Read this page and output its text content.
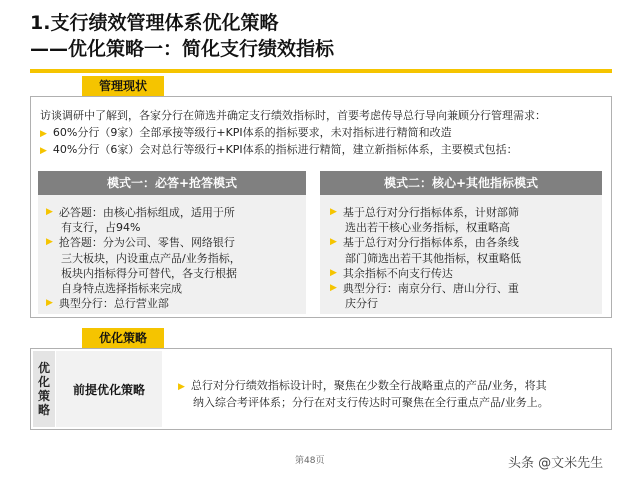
1.支行绩效管理体系优化策略
——优化策略一：简化支行绩效指标
管理现状
访谈调研中了解到，各家分行在筛选并确定支行绩效指标时，首要考虑传导总行导向兼顾分行管理需求：
▶ 60%分行（9家）全部承接等级行+KPI体系的指标要求，未对指标进行精简和改造
▶ 40%分行（6家）会对总行等级行+KPI体系的指标进行精简，建立新指标体系，主要模式包括：
模式一：必答+抢答模式
▶ 必答题：由核心指标组成，适用于所
有支行，占94%
▶ 抢答题：分为公司、零售、网络银行
三大板块，内设重点产品/业务指标，
板块内指标得分可替代，各支行根据
自身特点选择指标来完成
▶ 典型分行：总行营业部
模式二：核心+其他指标模式
▶ 基于总行对分行指标体系，计财部筛
选出若干核心业务指标，权重略高
▶ 基于总行对分行指标体系，由各条线
部门筛选出若干其他指标，权重略低
▶ 其余指标不向支行传达
▶ 典型分行：南京分行、唐山分行、重
庆分行
优化策略
优化策略
前提优化策略	▶ 总行对分行绩效指标设计时，聚焦在少数全行战略重点的产品/业务，将其
纳入综合考评体系；分行在对支行传达时可聚焦在全行重点产品/业务上。
第48页	头条 @文米先生
